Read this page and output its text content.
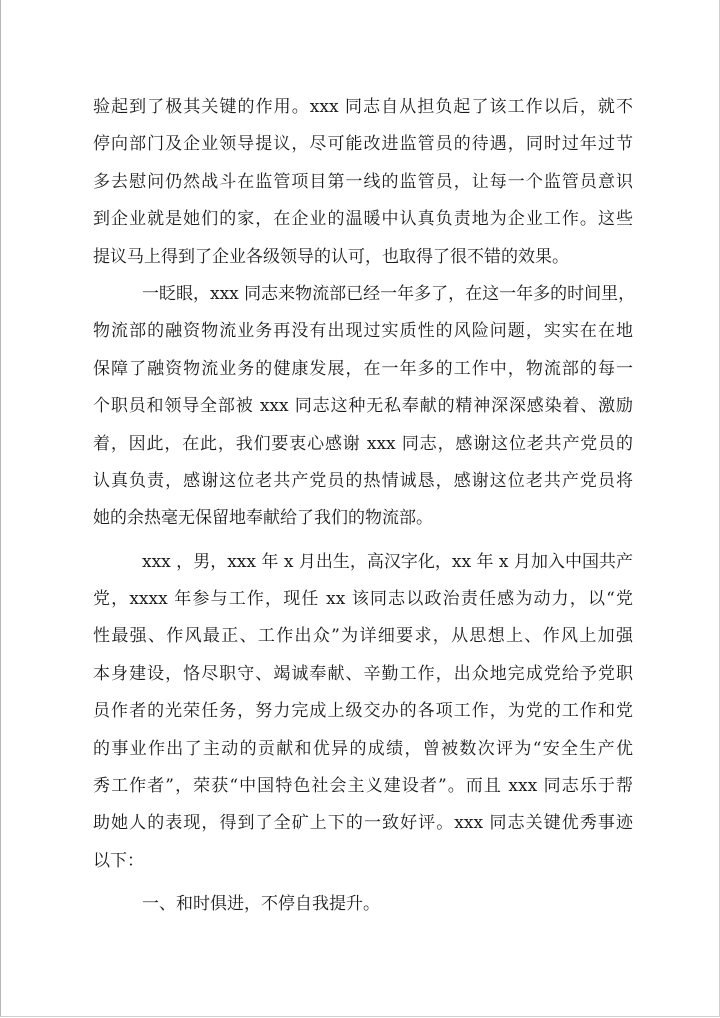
验起到了极其关键的作用。xxx 同志自从担负起了该工作以后，就不
停向部门及企业领导提议，尽可能改进监管员的待遇，同时过年过节
多去慰问仍然战斗在监管项目第一线的监管员，让每一个监管员意识
到企业就是她们的家，在企业的温暖中认真负责地为企业工作。这些
提议马上得到了企业各级领导的认可，也取得了很不错的效果。
一眨眼，xxx 同志来物流部已经一年多了，在这一年多的时间里，
物流部的融资物流业务再没有出现过实质性的风险问题，实实在在地
保障了融资物流业务的健康发展，在一年多的工作中，物流部的每一
个职员和领导全部被 xxx 同志这种无私奉献的精神深深感染着、激励
着，因此，在此，我们要衷心感谢 xxx 同志，感谢这位老共产党员的
认真负责，感谢这位老共产党员的热情诚恳，感谢这位老共产党员将
她的余热毫无保留地奉献给了我们的物流部。
xxx ，男，xxx 年 x 月出生，高汉字化，xx 年 x 月加入中国共产
党，xxxx 年参与工作，现任 xx 该同志以政治责任感为动力，以“党
性最强、作风最正、工作出众”为详细要求，从思想上、作风上加强
本身建设，恪尽职守、竭诚奉献、辛勤工作，出众地完成党给予党职
员作者的光荣任务，努力完成上级交办的各项工作，为党的工作和党
的事业作出了主动的贡献和优异的成绩，曾被数次评为“安全生产优
秀工作者”，荣获“中国特色社会主义建设者”。而且 xxx 同志乐于帮
助她人的表现，得到了全矿上下的一致好评。xxx 同志关键优秀事迹
以下：
一、和时俱进，不停自我提升。
